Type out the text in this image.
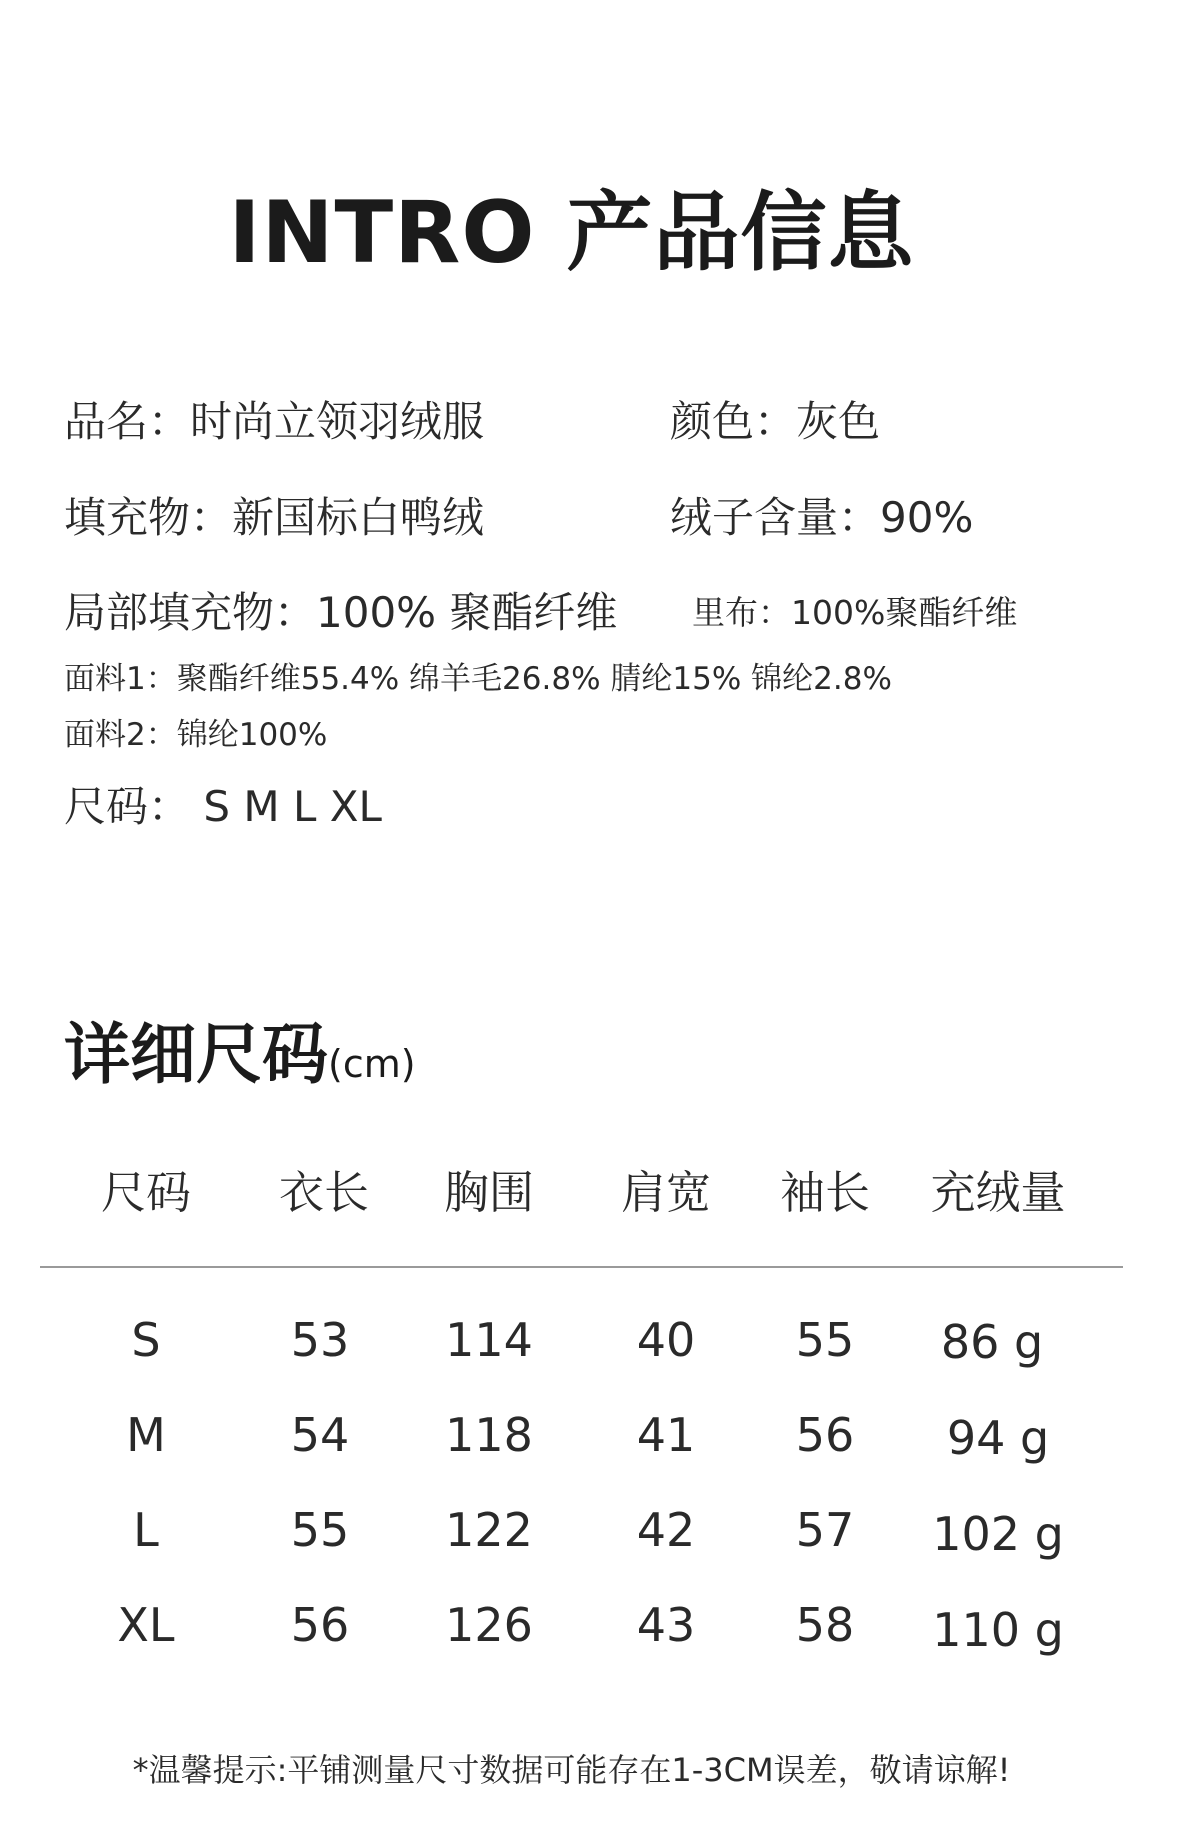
INTRO 产品信息
品名：时尚立领羽绒服	颜色：灰色
填充物：新国标白鸭绒	绒子含量：90%
局部填充物：100% 聚酯纤维 里布：100%聚酯纤维
面料1：聚酯纤维55.4% 绵羊毛26.8% 腈纶15% 锦纶2.8%
面料2：锦纶100%
尺码： S M L XL
详细尺码(cm)
尺码	衣长	胸围	肩宽	袖长	充绒量
S	53	114	40	55	86 g
M	54	118	41	56	94 g
L	55	122	42	57	102 g
XL	56	126	43	58	110 g
*温馨提示:平铺测量尺寸数据可能存在1-3CM误差，敬请谅解!
